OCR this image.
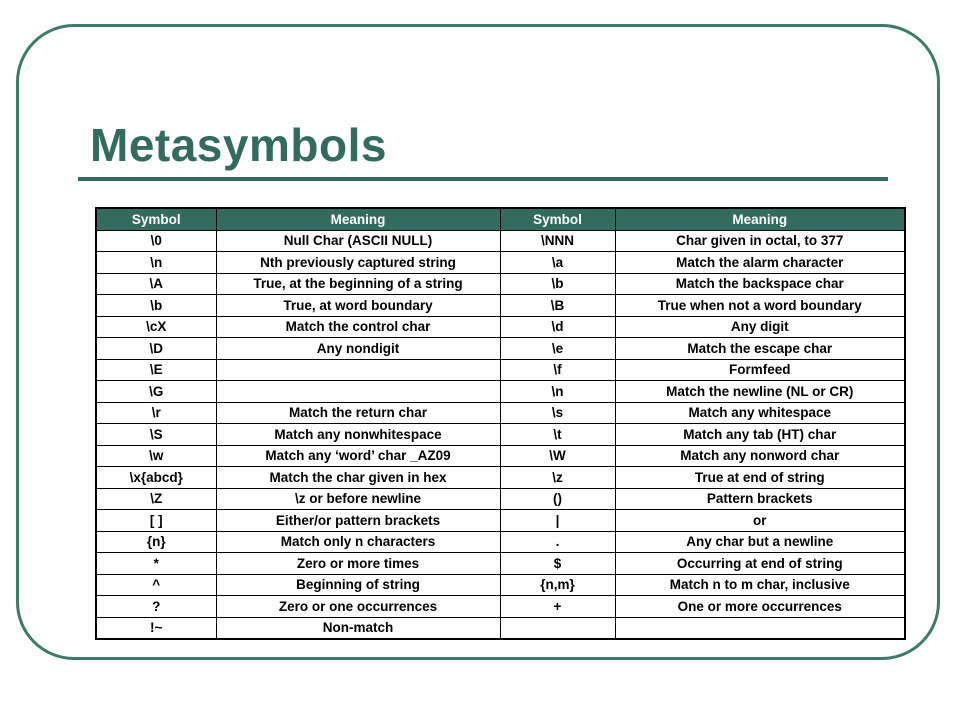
Metasymbols
Symbol	Meaning	Symbol	Meaning
\0	Null Char (ASCII NULL)	\NNN	Char given in octal, to 377
\n	Nth previously captured string	\a	Match the alarm character
\A	True, at the beginning of a string	\b	Match the backspace char
\b	True, at word boundary	\B	True when not a word boundary
\cX	Match the control char	\d	Any digit
\D	Any nondigit	\e	Match the escape char
\E		\f	Formfeed
\G		\n	Match the newline (NL or CR)
\r	Match the return char	\s	Match any whitespace
\S	Match any nonwhitespace	\t	Match any tab (HT) char
\w	Match any ‘word’ char _AZ09	\W	Match any nonword char
\x{abcd}	Match the char given in hex	\z	True at end of string
\Z	\z or before newline	()	Pattern brackets
[ ]	Either/or pattern brackets	|	or
{n}	Match only n characters	.	Any char but a newline
*	Zero or more times	$	Occurring at end of string
^	Beginning of string	{n,m}	Match n to m char, inclusive
?	Zero or one occurrences	+	One or more occurrences
!~	Non-match		
